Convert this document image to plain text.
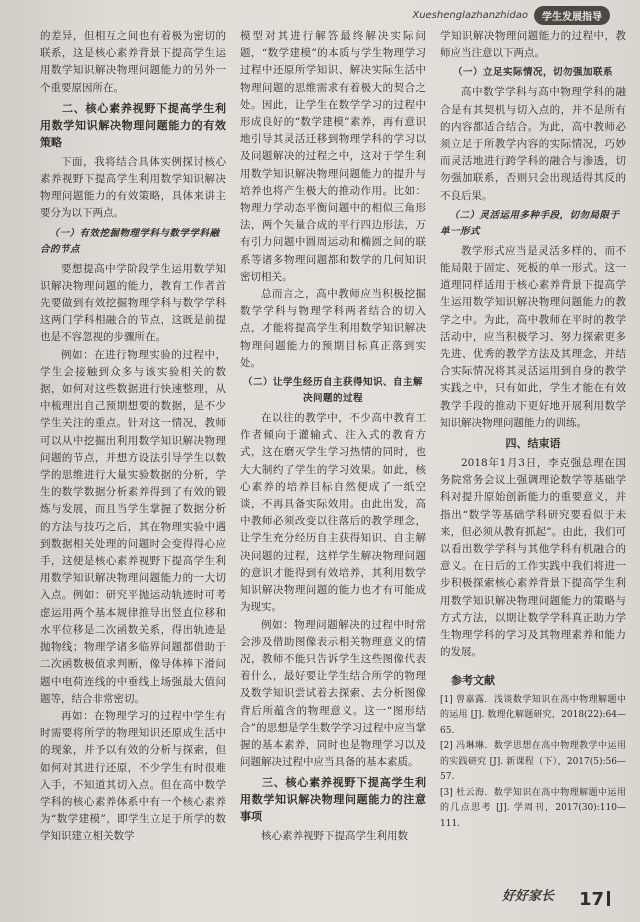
Xueshenglazhanzhidao	学生发展指导

的差异，但相互之间也有着极为密切的联系，这是核心素养背景下提高学生运用数学知识解决物理问题能力的另外一个重要原因所在。

二、核心素养视野下提高学生利用数学知识解决物理问题能力的有效策略

下面，我将结合具体实例探讨核心素养视野下提高学生利用数学知识解决物理问题能力的有效策略，具体来讲主要分为以下两点。

（一）有效挖掘物理学科与数学学科融合的节点

要想提高中学阶段学生运用数学知识解决物理问题的能力，教育工作者首先要做到有效挖掘物理学科与数学学科这两门学科相融合的节点，这既是前提也是不容忽视的步骤所在。

例如：在进行物理实验的过程中，学生会接触到众多与该实验相关的数据，如何对这些数据进行快速整理，从中梳理出自己预期想要的数据，是不少学生关注的重点。针对这一情况，教师可以从中挖掘出利用数学知识解决物理问题的节点，并想方设法引导学生以数学的思维进行大量实验数据的分析，学生的数学数据分析素养得到了有效的锻炼与发展，而且当学生掌握了数据分析的方法与技巧之后，其在物理实验中遇到数据相关处理的问题时会变得得心应手，这便是核心素养视野下提高学生利用数学知识解决物理问题能力的一大切入点。例如：研究平抛运动轨迹时可考虑运用两个基本规律推导出竖直位移和水平位移是二次函数关系，得出轨迹是抛物线；物理学诸多临界问题都借助于二次函数极值求判断，像导体棒下滑问题中电荷连线的中垂线上场强最大值问题等，结合非常密切。

再如：在物理学习的过程中学生有时需要将所学的物理知识还原成生活中的现象，并予以有效的分析与探索，但如何对其进行还原，不少学生有时很难入手，不知道其切入点。但在高中数学学科的核心素养体系中有一个核心素养为“数学建模”，即学生立足于所学的数学知识建立相关数学

模型对其进行解答最终解决实际问题，“数学建模”的本质与学生物理学习过程中还原所学知识、解决实际生活中物理问题的思维需求有着极大的契合之处。因此，让学生在数学学习的过程中形成良好的“数学建模”素养，再有意识地引导其灵活迁移到物理学科的学习以及问题解决的过程之中，这对于学生利用数学知识解决物理问题能力的提升与培养也将产生极大的推动作用。比如：物理力学动态平衡问题中的相似三角形法，两个矢量合成的平行四边形法，万有引力问题中圆周运动和椭圆之间的联系等诸多物理问题都和数学的几何知识密切相关。

总而言之，高中教师应当积极挖掘数学学科与物理学科两者结合的切入点，才能将提高学生利用数学知识解决物理问题能力的预期目标真正落到实处。

（二）让学生经历自主获得知识、自主解决问题的过程

在以往的教学中，不少高中教育工作者倾向于灌输式、注入式的教育方式，这在磨灭学生学习热情的同时，也大大制约了学生的学习效果。如此，核心素养的培养目标自然便成了一纸空谈，不再具备实际效用。由此出发，高中教师必须改变以往落后的教学理念，让学生充分经历自主获得知识、自主解决问题的过程，这样学生解决物理问题的意识才能得到有效培养，其利用数学知识解决物理问题的能力也才有可能成为现实。

例如：物理问题解决的过程中时常会涉及借助图像表示相关物理意义的情况，教师不能只告诉学生这些图像代表着什么，最好要让学生结合所学的物理及数学知识尝试着去探索、去分析图像背后所蕴含的物理意义。这一“图形结合”的思想是学生数学学习过程中应当掌握的基本素养，同时也是物理学习以及问题解决过程中应当具备的基本素质。

三、核心素养视野下提高学生利用数学知识解决物理问题能力的注意事项

核心素养视野下提高学生利用数

学知识解决物理问题能力的过程中，教师应当注意以下两点。

（一）立足实际情况，切勿强加联系

高中数学学科与高中物理学科的融合是有其契机与切入点的，并不是所有的内容都适合结合。为此，高中教师必须立足于所教学内容的实际情况，巧妙而灵活地进行跨学科的融合与渗透，切勿强加联系，否则只会出现适得其反的不良后果。

（二）灵活运用多种手段，切勿局限于单一形式

教学形式应当是灵活多样的，而不能局限于固定、死板的单一形式。这一道理同样适用于核心素养背景下提高学生运用数学知识解决物理问题能力的教学之中。为此，高中教师在平时的教学活动中，应当积极学习、努力探索更多先进、优秀的教学方法及其理念，并结合实际情况将其灵活运用到自身的教学实践之中，只有如此，学生才能在有效教学手段的推动下更好地开展利用数学知识解决物理问题能力的训练。

四、结束语

2018年1月3日，李克强总理在国务院常务会议上强调理论数学等基础学科对提升原始创新能力的重要意义，并指出“数学等基础学科研究要看似于未来，但必须从教育抓起”。由此，我们可以看出数学学科与其他学科有机融合的意义。在日后的工作实践中我们将进一步积极探索核心素养背景下提高学生利用数学知识解决物理问题能力的策略与方式方法，以期让数学学科真正助力学生物理学科的学习及其物理素养和能力的发展。

参考文献

[1] 曾嘉露．浅谈数学知识在高中物理解题中的运用 [J]. 数理化解题研究，2018(22):64—65.

[2] 冯琳琳．数学思想在高中物理教学中运用的实践研究 [J]. 新课程（下），2017(5):56—57.

[3] 杜云海．数学知识在高中物理解题中运用的几点思考 [J]. 学周刊，2017(30):110—111.

好好家长 17
